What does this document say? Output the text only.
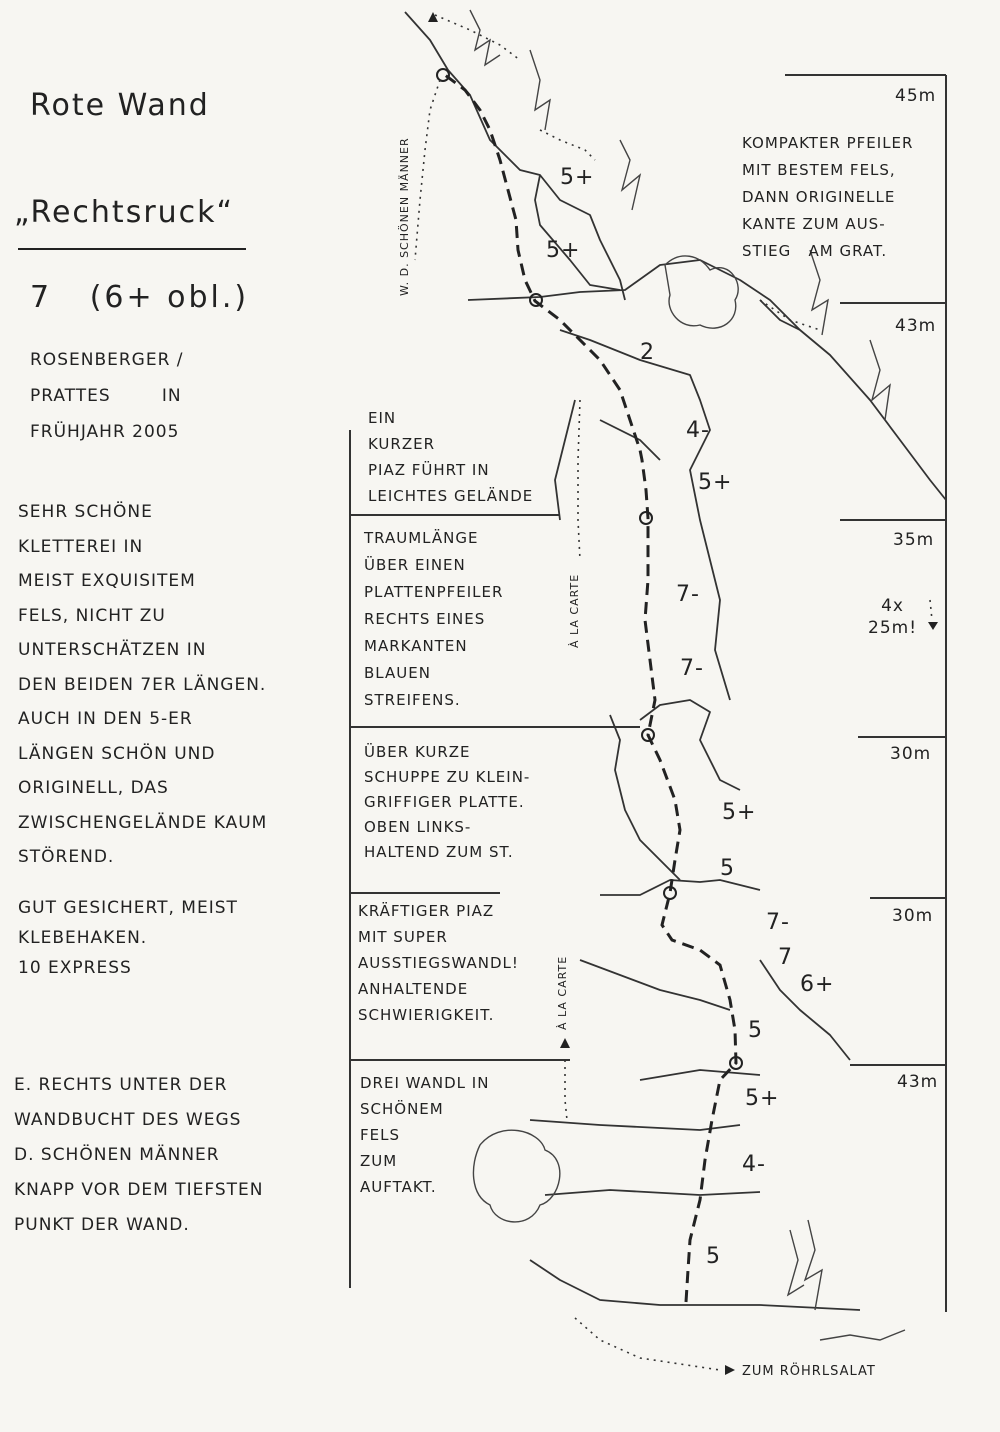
Rote Wand
„Rechtsruck“
7   (6+ obl.)
ROSENBERGER /
PRATTES        IN
FRÜHJAHR 2005
SEHR SCHÖNE
KLETTEREI IN
MEIST EXQUISITEM
FELS, NICHT ZU
UNTERSCHÄTZEN IN
DEN BEIDEN 7ER LÄNGEN.
AUCH IN DEN 5-ER
LÄNGEN SCHÖN UND
ORIGINELL, DAS
ZWISCHENGELÄNDE KAUM
STÖREND.
GUT GESICHERT, MEIST
KLEBEHAKEN.
10 EXPRESS
E. RECHTS UNTER DER
WANDBUCHT DES WEGS
D. SCHÖNEN MÄNNER
KNAPP VOR DEM TIEFSTEN
PUNKT DER WAND.
45m
43m
35m
30m
30m
43m
KOMPAKTER PFEILER
MIT BESTEM FELS,
DANN ORIGINELLE
KANTE ZUM AUS-
STIEG   AM GRAT.
EIN
KURZER
PIAZ FÜHRT IN
LEICHTES GELÄNDE
TRAUMLÄNGE
ÜBER EINEN
PLATTENPFEILER
RECHTS EINES
MARKANTEN
BLAUEN
STREIFENS.
ÜBER KURZE
SCHUPPE ZU KLEIN-
GRIFFIGER PLATTE.
OBEN LINKS-
HALTEND ZUM ST.
KRÄFTIGER PIAZ
MIT SUPER
AUSSTIEGSWANDL!
ANHALTENDE
SCHWIERIGKEIT.
DREI WANDL IN
SCHÖNEM
FELS
ZUM
AUFTAKT.
5+
5+
2
4-
5+
7-
7-
5+
5
7-
7
6+
5
5+
4-
5
4x
25m!
W. D. SCHÖNEN MÄNNER
À LA CARTE
À LA CARTE
ZUM RÖHRLSALAT
